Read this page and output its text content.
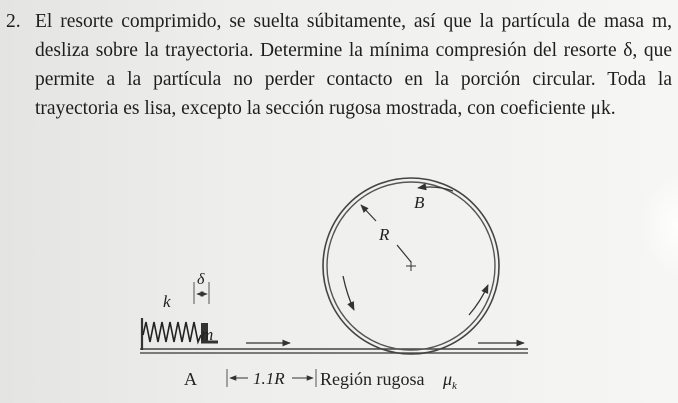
2. El resorte comprimido, se suelta súbitamente, así que la partícula de masa m, desliza sobre la trayectoria. Determine la mínima compresión del resorte δ, que permite a la partícula no perder contacto en la porción circular. Toda la trayectoria es lisa, excepto la sección rugosa mostrada, con coeficiente μk.
B
R
k
δ
m
A	1.1R Región rugosa $\mu_k$
